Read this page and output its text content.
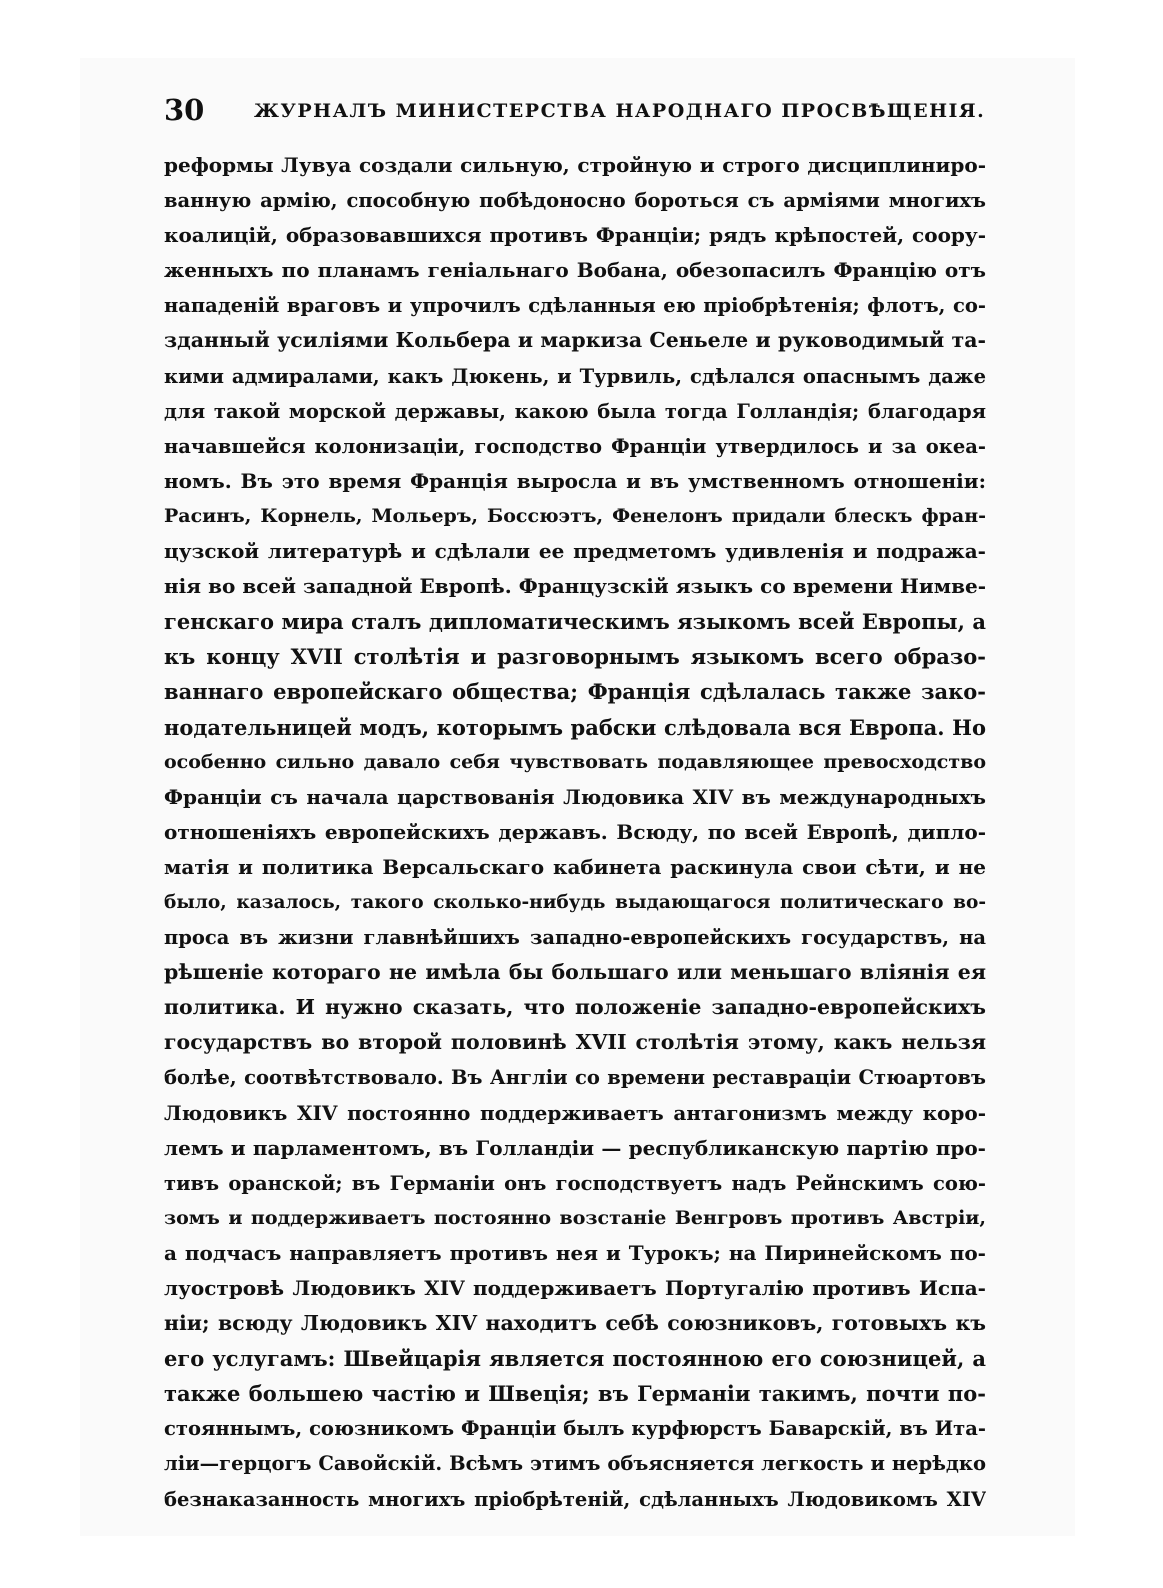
30	ЖУРНАЛЪ МИНИСТЕРСТВА НАРОДНАГО ПРОСВѢЩЕНІЯ.
реформы Лувуа создали сильную, стройную и строго дисциплиниро-
ванную армію, способную побѣдоносно бороться съ арміями многихъ
коалицій, образовавшихся противъ Франціи; рядъ крѣпостей, соору-
женныхъ по планамъ геніальнаго Вобана, обезопасилъ Францію отъ
нападеній враговъ и упрочилъ сдѣланныя ею пріобрѣтенія; флотъ, со-
зданный усиліями Кольбера и маркиза Сеньеле и руководимый та-
кими адмиралами, какъ Дюкень, и Турвиль, сдѣлался опаснымъ даже
для такой морской державы, какою была тогда Голландія; благодаря
начавшейся колонизаціи, господство Франціи утвердилось и за океа-
номъ. Въ это время Франція выросла и въ умственномъ отношеніи:
Расинъ, Корнель, Мольеръ, Боссюэтъ, Фенелонъ придали блескъ фран-
цузской литературѣ и сдѣлали ее предметомъ удивленія и подража-
нія во всей западной Европѣ. Французскій языкъ со времени Нимве-
генскаго мира сталъ дипломатическимъ языкомъ всей Европы, а
къ концу XVII столѣтія и разговорнымъ языкомъ всего образо-
ваннаго европейскаго общества; Франція сдѣлалась также зако-
нодательницей модъ, которымъ рабски слѣдовала вся Европа. Но
особенно сильно давало себя чувствовать подавляющее превосходство
Франціи съ начала царствованія Людовика XIV въ международныхъ
отношеніяхъ европейскихъ державъ. Всюду, по всей Европѣ, дипло-
матія и политика Версальскаго кабинета раскинула свои сѣти, и не
было, казалось, такого сколько-нибудь выдающагося политическаго во-
проса въ жизни главнѣйшихъ западно-европейскихъ государствъ, на
рѣшеніе котораго не имѣла бы большаго или меньшаго вліянія ея
политика. И нужно сказать, что положеніе западно-европейскихъ
государствъ во второй половинѣ XVII столѣтія этому, какъ нельзя
болѣе, соотвѣтствовало. Въ Англіи со времени реставраціи Стюартовъ
Людовикъ XIV постоянно поддерживаетъ антагонизмъ между коро-
лемъ и парламентомъ, въ Голландіи — республиканскую партію про-
тивъ оранской; въ Германіи онъ господствуетъ надъ Рейнскимъ сою-
зомъ и поддерживаетъ постоянно возстаніе Венгровъ противъ Австріи,
а подчасъ направляетъ противъ нея и Турокъ; на Пиринейскомъ по-
луостровѣ Людовикъ XIV поддерживаетъ Португалію противъ Испа-
ніи; всюду Людовикъ XIV находитъ себѣ союзниковъ, готовыхъ къ
его услугамъ: Швейцарія является постоянною его союзницей, а
также большею частію и Швеція; въ Германіи такимъ, почти по-
стояннымъ, союзникомъ Франціи былъ курфюрстъ Баварскій, въ Ита-
ліи—герцогъ Савойскій. Всѣмъ этимъ объясняется легкость и нерѣдко
безнаказанность многихъ пріобрѣтеній, сдѣланныхъ Людовикомъ XIV
